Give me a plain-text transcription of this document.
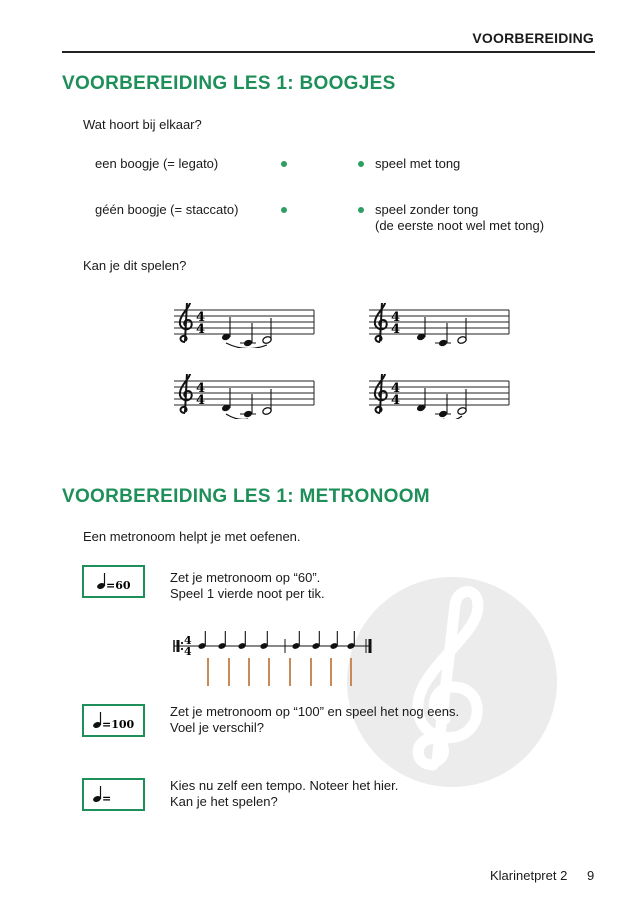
VOORBEREIDING
VOORBEREIDING LES 1: BOOGJES
Wat hoort bij elkaar?
een boogje (= legato)	speel met tong
géén boogje (= staccato)	speel zonder tong
(de eerste noot wel met tong)
Kan je dit spelen?
4
4
4
4
4
4
4
4
VOORBEREIDING LES 1: METRONOOM
Een metronoom helpt je met oefenen.
=60
Zet je metronoom op “60”.
Speel 1 vierde noot per tik.
4
4
=100
Zet je metronoom op “100” en speel het nog eens.
Voel je verschil?
=
Kies nu zelf een tempo. Noteer het hier.
Kan je het spelen?
Klarinetpret 2 9
